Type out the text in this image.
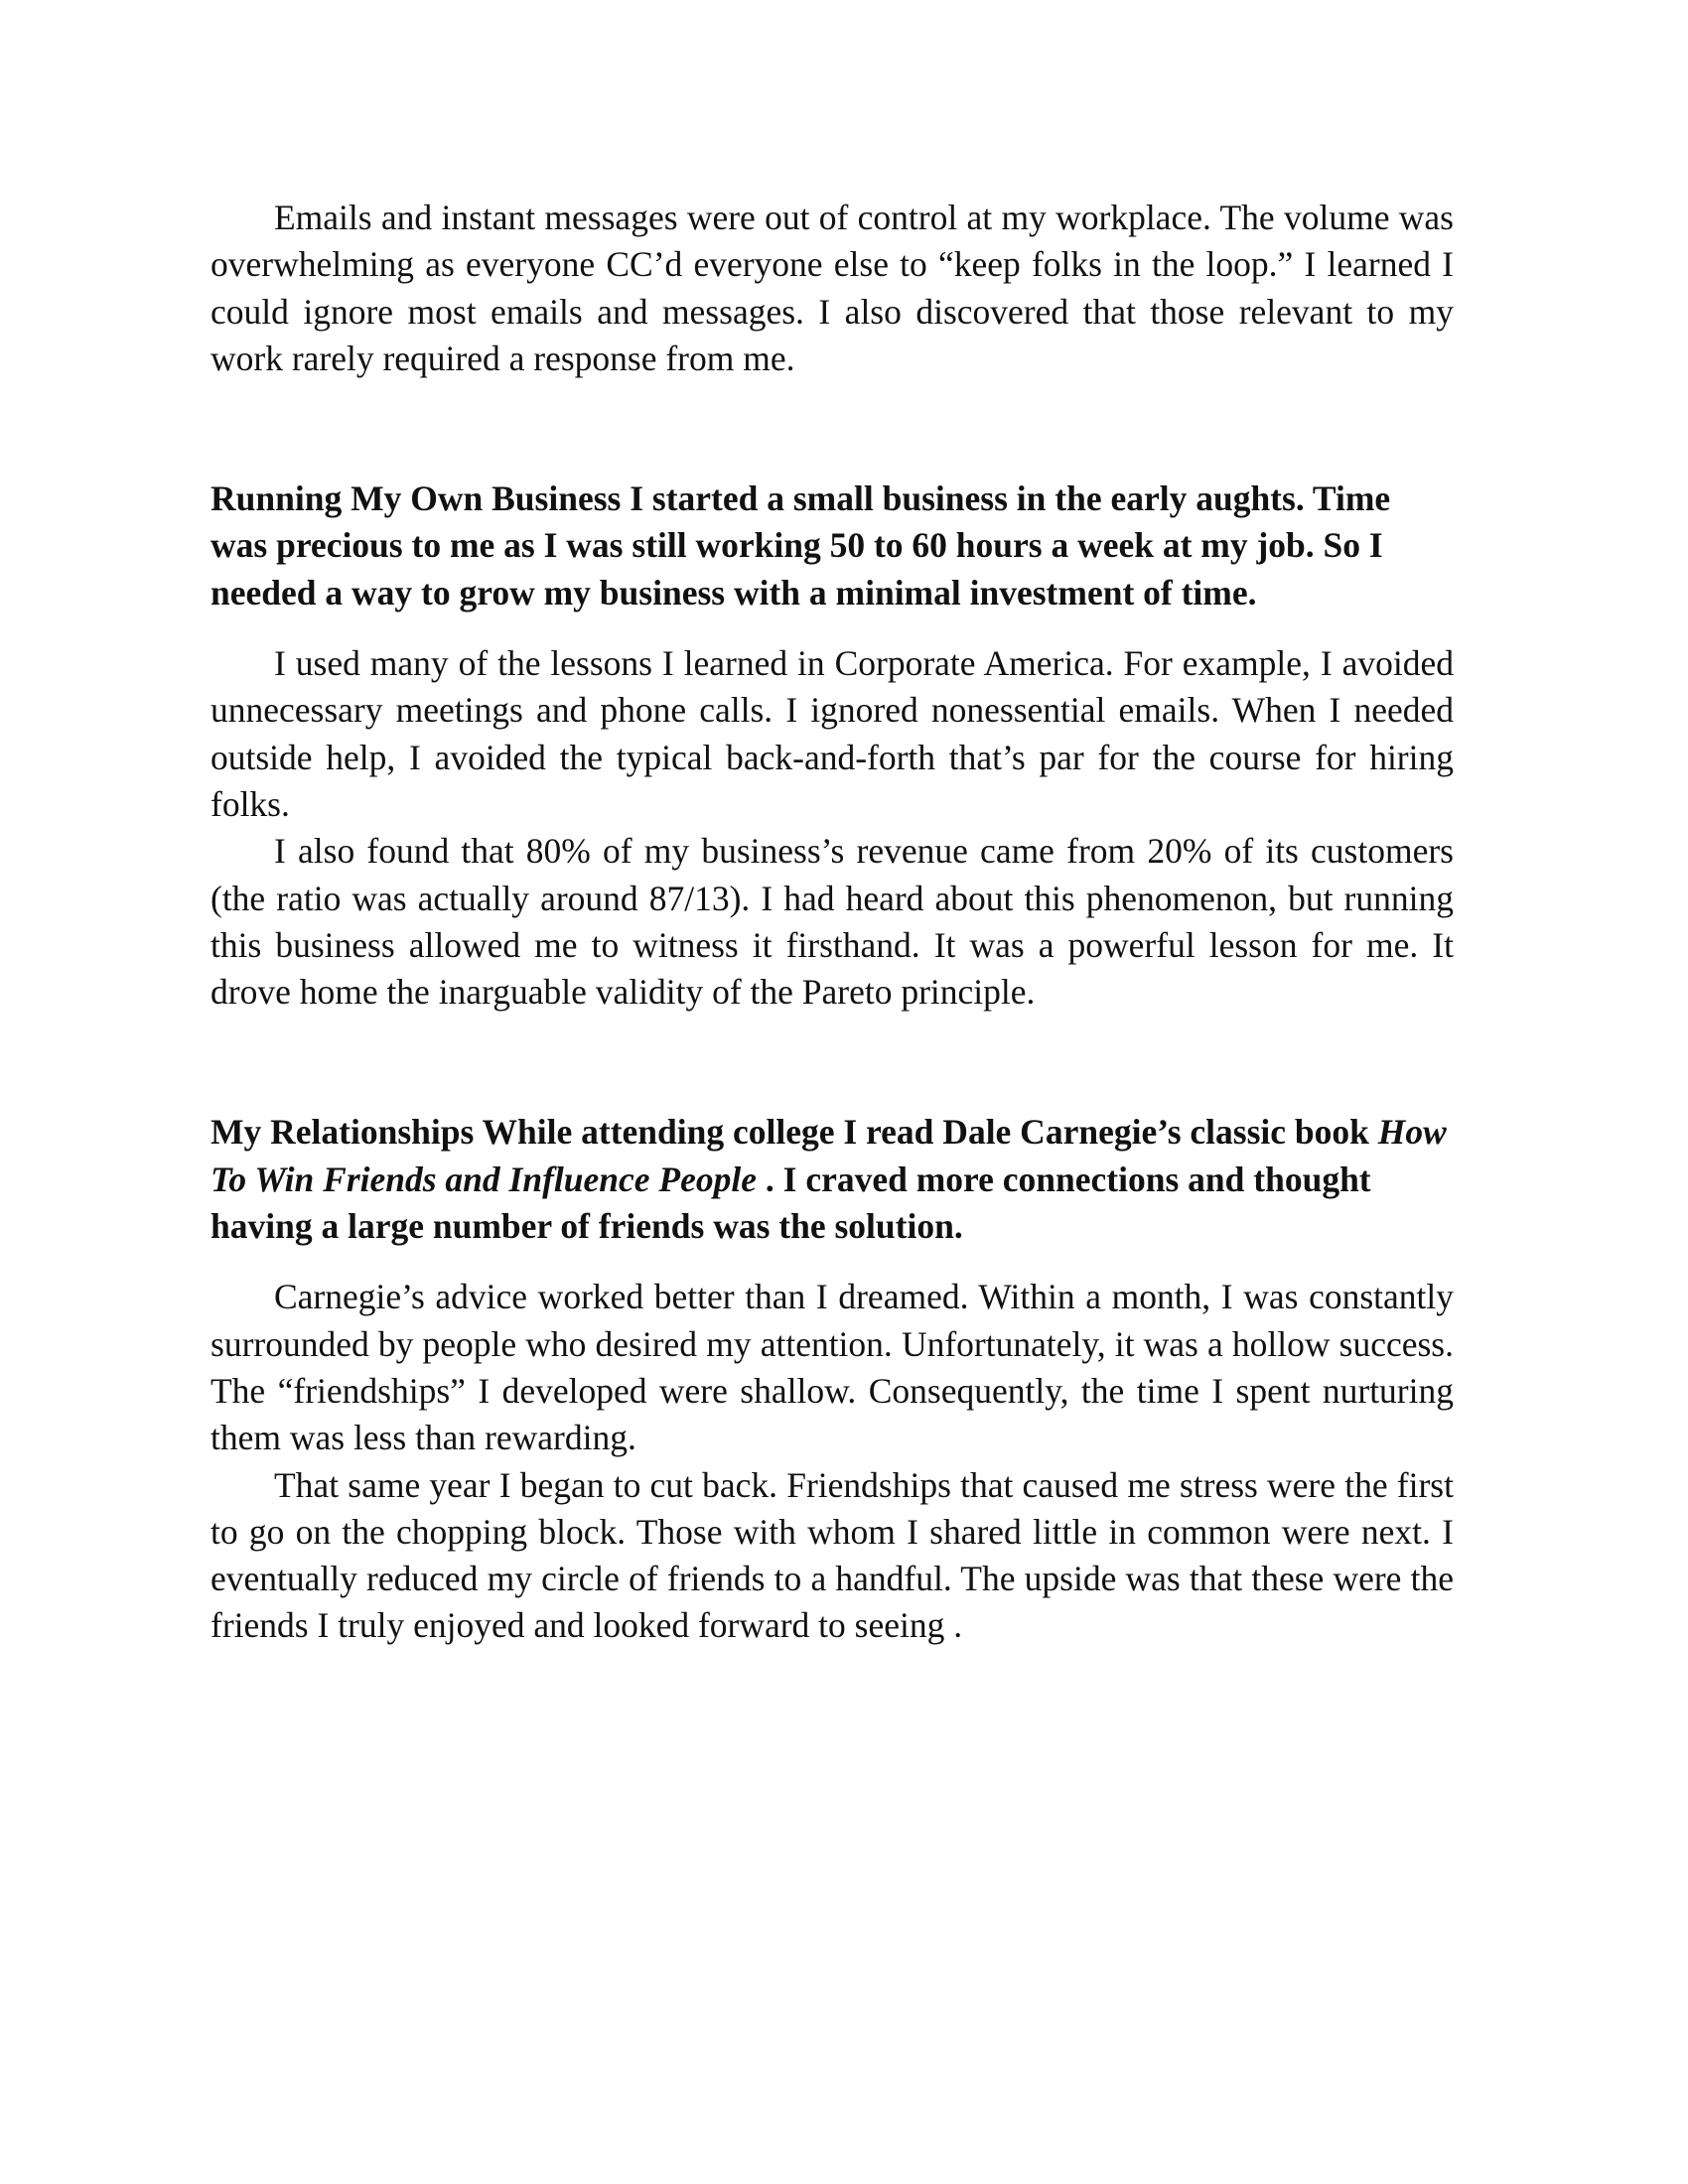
Emails and instant messages were out of control at my workplace. The volume was overwhelming as everyone CC’d everyone else to “keep folks in the loop.” I learned I could ignore most emails and messages. I also discovered that those relevant to my work rarely required a response from me.

Running My Own Business I started a small business in the early aughts. Time was precious to me as I was still working 50 to 60 hours a week at my job. So I needed a way to grow my business with a minimal investment of time.

I used many of the lessons I learned in Corporate America. For example, I avoided unnecessary meetings and phone calls. I ignored nonessential emails. When I needed outside help, I avoided the typical back-and-forth that’s par for the course for hiring folks.

I also found that 80% of my business’s revenue came from 20% of its customers (the ratio was actually around 87/13). I had heard about this phenomenon, but running this business allowed me to witness it firsthand. It was a powerful lesson for me. It drove home the inarguable validity of the Pareto principle.

My Relationships While attending college I read Dale Carnegie’s classic book How To Win Friends and Influence People . I craved more connections and thought having a large number of friends was the solution.

Carnegie’s advice worked better than I dreamed. Within a month, I was constantly surrounded by people who desired my attention. Unfortunately, it was a hollow success. The “friendships” I developed were shallow. Consequently, the time I spent nurturing them was less than rewarding.

That same year I began to cut back. Friendships that caused me stress were the first to go on the chopping block. Those with whom I shared little in common were next. I eventually reduced my circle of friends to a handful. The upside was that these were the friends I truly enjoyed and looked forward to seeing .
